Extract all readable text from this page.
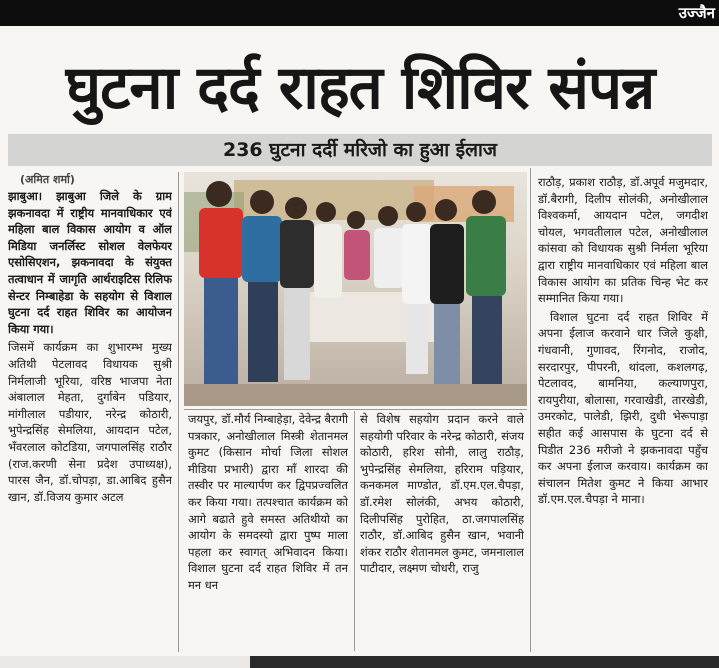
उज्जैन
घुटना दर्द राहत शिविर संपन्न
236 घुटना दर्दी मरिजो का हुआ ईलाज
(अमित शर्मा)

झाबुआ। झाबुआ जिले के ग्राम झकनावदा में राष्ट्रीय मानवाधिकार एवं महिला बाल विकास आयोग व ऑल मिडिया जनर्लिस्ट सोशल वेलफेयर एसोसिएशन, झकनावदा के संयुक्त तत्वाधान में जागृति आर्थराइटिस रिलिफ सेन्टर निम्बाहेडा के सहयोग से विशाल घुटना दर्द राहत शिविर का आयोजन किया गया।

जिसमें कार्यक्रम का शुभारम्भ मुख्य अतिथी पेटलावद विधायक सुश्री निर्मलाजी भूरिया, वरिष्ठ भाजपा नेता अंबालाल मेहता, दुर्गाबेन पडियार, मांगीलाल पडीयार, नरेन्द्र कोठारी, भुपेन्द्रसिंह सेमलिया, आयदान पटेल, भँवरलाल कोटडिया, जगपालसिंह राठौर (राज.करणी सेना प्रदेश उपाध्यक्ष), पारस जैन, डॉ.चोपड़ा, डा.आबिद हुसैन खान, डॉ.विजय कुमार अटल

जयपुर, डॉ.मौर्य निम्बाहेड़ा, देवेन्द्र बैरागी पत्रकार, अनोखीलाल मिस्त्री शेतानमल कुमट (किसान मोर्चा जिला सोशल मीडिया प्रभारी) द्वारा माँ शारदा की तस्वीर पर माल्यार्पण कर द्विपप्रज्वलित कर किया गया। तत्पश्चात कार्यक्रम को आगे बढाते हुवे समस्त अतिथीयो का आयोग के समदस्यो द्वारा पुष्प माला पहला कर स्वागत् अभिवादन किया।विशाल घुटना दर्द राहत शिविर में तन मन धन

से विशेष सहयोग प्रदान करने वाले सहयोगी परिवार के नरेन्द्र कोठारी, संजय कोठारी, हरिश सोनी, लालु राठौड़, भुपेन्द्रसिंह सेमलिया, हरिराम पड़ियार, कनकमल माण्डोत, डॉ.एम.एल.चैपड़ा, डॉ.रमेश सोलंकी, अभय कोठारी, दिलीपसिंह पुरोहित, ठा.जगपालसिंह राठौर, डॉ.आबिद हुसैन खान, भवानी शंकर राठौर शेतानमल कुमट, जमनालाल पाटीदार, लक्ष्मण चोधरी, राजु

राठौड़, प्रकाश राठौड़, डॉ.अपूर्व मजुमदार, डॉ.बैरागी, दिलीप सोलंकी, अनोखीलाल विश्वकर्मा, आयदान पटेल, जगदीश चोयल, भगवतीलाल पटेल, अनोखीलाल कांसवा को विधायक सुश्री निर्मला भूरिया द्वारा राष्ट्रीय मानवाधिकार एवं महिला बाल विकास आयोग का प्रतिक चिन्ह भेट कर सम्मानित किया गया।

विशाल घुटना दर्द राहत शिविर में अपना ईलाज करवाने धार जिले कुक्षी, गंधवानी, गुणावद, रिंगनोद, राजोद, सरदारपुर, पीपरनी, थांदला, कशलगढ़, पेटलावद, बामनिया, कल्याणपुरा, रायपुरीया, बोलासा, गरवाखेडी, तारखेडी, उमरकोट, पालेडी, झिरी, दुधी भेरूपाड़ा सहीत कई आसपास के घुटना दर्द से पिडीत 236 मरीजो ने झकनावदा पहुँच कर अपना ईलाज करवाय। कार्यक्रम का संचालन मितेश कुमट ने किया आभार डॉ.एम.एल.चैपड़ा ने माना।
